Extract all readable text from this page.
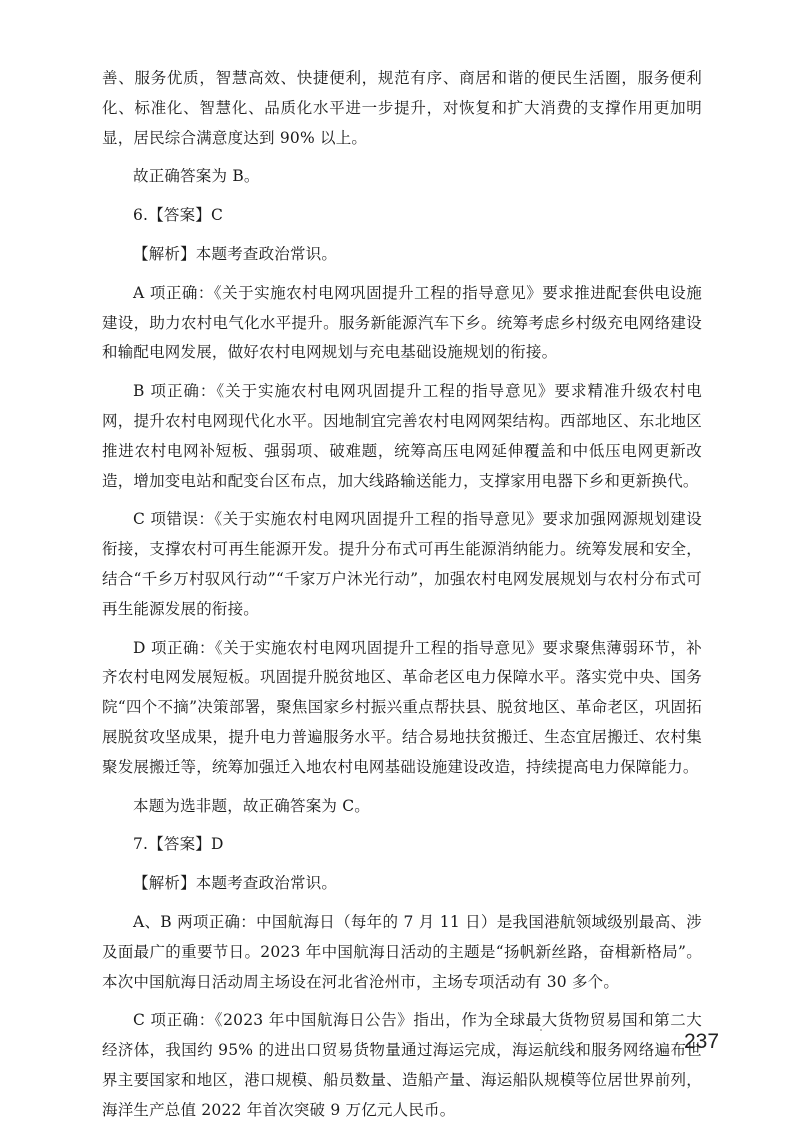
善、服务优质，智慧高效、快捷便利，规范有序、商居和谐的便民生活圈，服务便利化、标准化、智慧化、品质化水平进一步提升，对恢复和扩大消费的支撑作用更加明显，居民综合满意度达到 90% 以上。

故正确答案为 B。

6.【答案】C

【解析】本题考查政治常识。

A 项正确：《关于实施农村电网巩固提升工程的指导意见》要求推进配套供电设施建设，助力农村电气化水平提升。服务新能源汽车下乡。统筹考虑乡村级充电网络建设和输配电网发展，做好农村电网规划与充电基础设施规划的衔接。

B 项正确：《关于实施农村电网巩固提升工程的指导意见》要求精准升级农村电网，提升农村电网现代化水平。因地制宜完善农村电网网架结构。西部地区、东北地区推进农村电网补短板、强弱项、破难题，统筹高压电网延伸覆盖和中低压电网更新改造，增加变电站和配变台区布点，加大线路输送能力，支撑家用电器下乡和更新换代。

C 项错误：《关于实施农村电网巩固提升工程的指导意见》要求加强网源规划建设衔接，支撑农村可再生能源开发。提升分布式可再生能源消纳能力。统筹发展和安全，结合“千乡万村驭风行动”“千家万户沐光行动”，加强农村电网发展规划与农村分布式可再生能源发展的衔接。

D 项正确：《关于实施农村电网巩固提升工程的指导意见》要求聚焦薄弱环节，补齐农村电网发展短板。巩固提升脱贫地区、革命老区电力保障水平。落实党中央、国务院“四个不摘”决策部署，聚焦国家乡村振兴重点帮扶县、脱贫地区、革命老区，巩固拓展脱贫攻坚成果，提升电力普遍服务水平。结合易地扶贫搬迁、生态宜居搬迁、农村集聚发展搬迁等，统筹加强迁入地农村电网基础设施建设改造，持续提高电力保障能力。

本题为选非题，故正确答案为 C。

7.【答案】D

【解析】本题考查政治常识。

A、B 两项正确：中国航海日（每年的 7 月 11 日）是我国港航领域级别最高、涉及面最广的重要节日。2023 年中国航海日活动的主题是“扬帆新丝路，奋楫新格局”。本次中国航海日活动周主场设在河北省沧州市，主场专项活动有 30 多个。

C 项正确：《2023 年中国航海日公告》指出，作为全球最大货物贸易国和第二大经济体，我国约 95% 的进出口贸易货物量通过海运完成，海运航线和服务网络遍布世界主要国家和地区，港口规模、船员数量、造船产量、海运船队规模等位居世界前列，海洋生产总值 2022 年首次突破 9 万亿元人民币。

237
